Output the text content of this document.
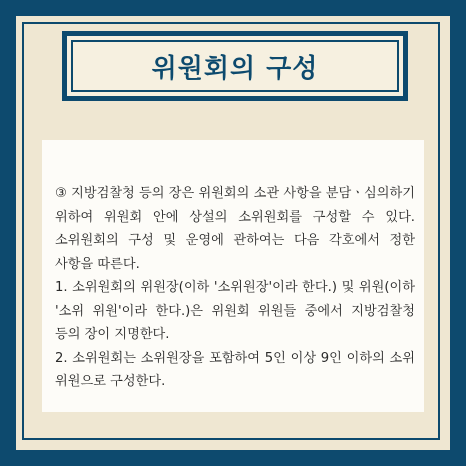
위원회의 구성
③ 지방검찰청 등의 장은 위원회의 소관 사항을 분담ㆍ심의하기 위하여 위원회 안에 상설의 소위원회를 구성할 수 있다. 소위원회의 구성 및 운영에 관하여는 다음 각호에서 정한 사항을 따른다.
1. 소위원회의 위원장(이하 '소위원장'이라 한다.) 및 위원(이하 '소위 위원'이라 한다.)은 위원회 위원들 중에서 지방검찰청 등의 장이 지명한다.
2. 소위원회는 소위원장을 포함하여 5인 이상 9인 이하의 소위 위원으로 구성한다.
